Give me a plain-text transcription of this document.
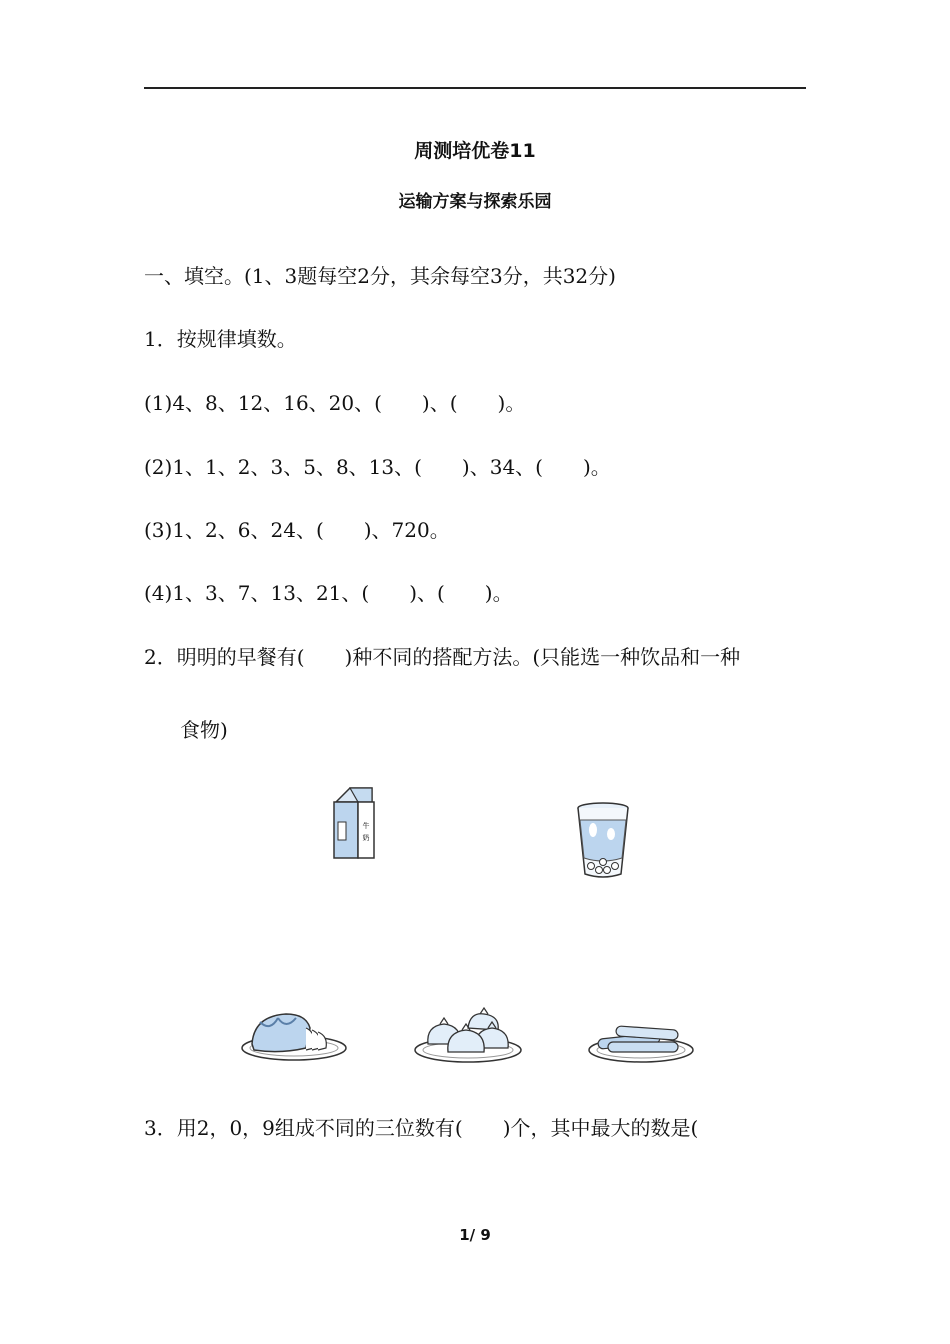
周测培优卷11
运输方案与探索乐园
一、填空。(1、3题每空2分，其余每空3分，共32分)
1．按规律填数。
(1)4、8、12、16、20、(　　)、(　　)。
(2)1、1、2、3、5、8、13、(　　)、34、(　　)。
(3)1、2、6、24、(　　)、720。
(4)1、3、7、13、21、(　　)、(　　)。
2．明明的早餐有(　　)种不同的搭配方法。(只能选一种饮品和一种
食物)
牛
奶
3．用2，0，9组成不同的三位数有(　　)个，其中最大的数是(
1/ 9
